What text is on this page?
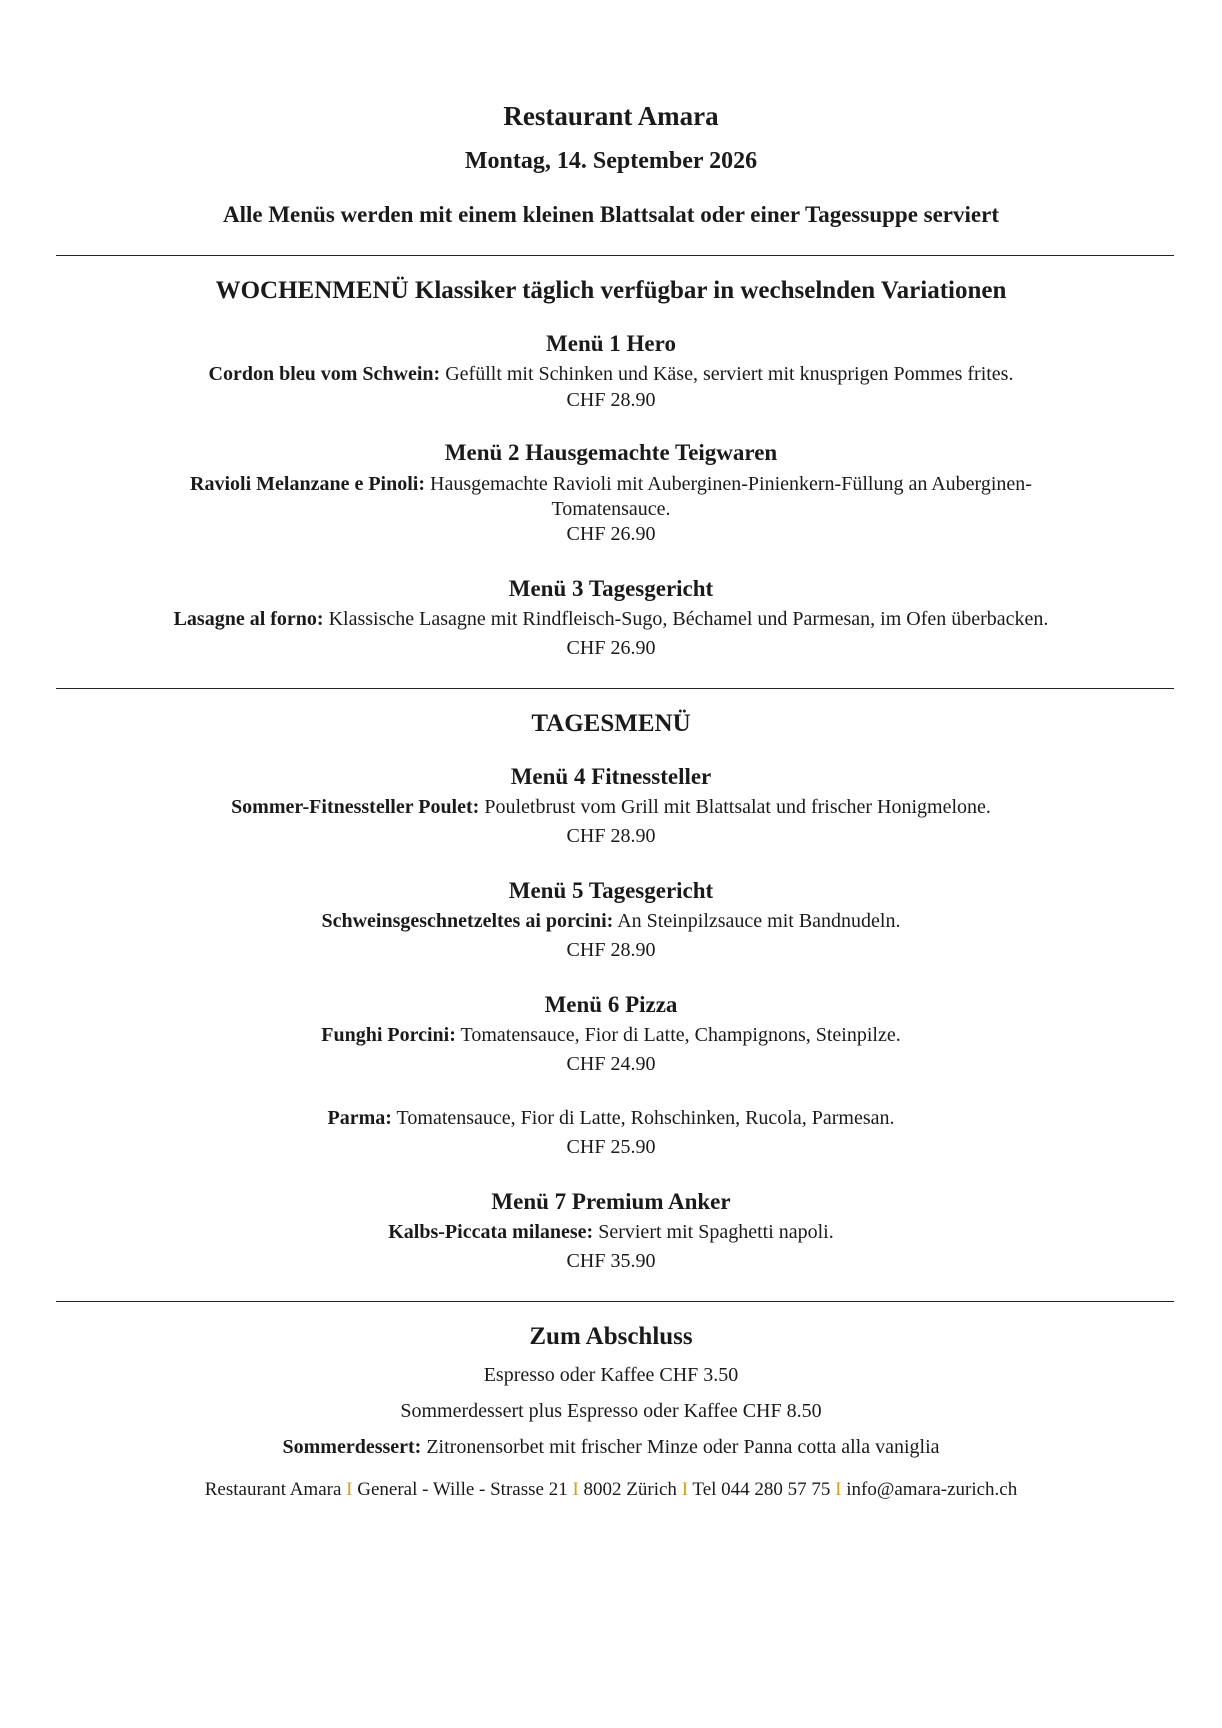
Restaurant Amara
Montag, 14. September 2026
Alle Menüs werden mit einem kleinen Blattsalat oder einer Tagessuppe serviert
WOCHENMENÜ Klassiker täglich verfügbar in wechselnden Variationen
Menü 1 Hero
Cordon bleu vom Schwein: Gefüllt mit Schinken und Käse, serviert mit knusprigen Pommes frites.
CHF 28.90
Menü 2 Hausgemachte Teigwaren
Ravioli Melanzane e Pinoli: Hausgemachte Ravioli mit Auberginen-Pinienkern-Füllung an Auberginen-
Tomatensauce.
CHF 26.90
Menü 3 Tagesgericht
Lasagne al forno: Klassische Lasagne mit Rindfleisch-Sugo, Béchamel und Parmesan, im Ofen überbacken.
CHF 26.90
TAGESMENÜ
Menü 4 Fitnessteller
Sommer-Fitnessteller Poulet: Pouletbrust vom Grill mit Blattsalat und frischer Honigmelone.
CHF 28.90
Menü 5 Tagesgericht
Schweinsgeschnetzeltes ai porcini: An Steinpilzsauce mit Bandnudeln.
CHF 28.90
Menü 6 Pizza
Funghi Porcini: Tomatensauce, Fior di Latte, Champignons, Steinpilze.
CHF 24.90
Parma: Tomatensauce, Fior di Latte, Rohschinken, Rucola, Parmesan.
CHF 25.90
Menü 7 Premium Anker
Kalbs-Piccata milanese: Serviert mit Spaghetti napoli.
CHF 35.90
Zum Abschluss
Espresso oder Kaffee CHF 3.50
Sommerdessert plus Espresso oder Kaffee CHF 8.50
Sommerdessert: Zitronensorbet mit frischer Minze oder Panna cotta alla vaniglia
Restaurant Amara I General - Wille - Strasse 21 I 8002 Zürich I Tel 044 280 57 75 I info@amara-zurich.ch
